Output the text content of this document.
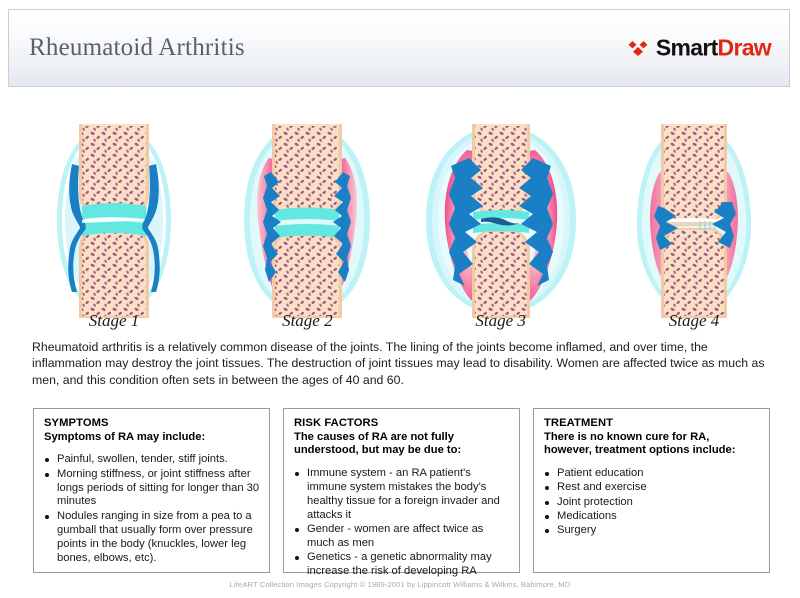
Rheumatoid Arthritis	SmartDraw
Stage 1	Stage 2	Stage 3	Stage 4
Rheumatoid arthritis is a relatively common disease of the joints. The lining of the joints become inflamed, and over time, the inflammation may destroy the joint tissues. The destruction of joint tissues may lead to disability. Women are affected twice as much as men, and this condition often sets in between the ages of 40 and 60.
SYMPTOMS
Symptoms of RA may include:
Painful, swollen, tender, stiff joints.
Morning stiffness, or joint stiffness after longs periods of sitting for longer than 30 minutes
Nodules ranging in size from a pea to a gumball that usually form over pressure points in the body (knuckles, lower leg bones, elbows, etc).
RISK FACTORS
The causes of RA are not fully understood, but may be due to:
Immune system - an RA patient's immune system mistakes the body's healthy tissue for a foreign invader and attacks it
Gender - women are affect twice as much as men
Genetics - a genetic abnormality may increase the risk of developing RA
TREATMENT
There is no known cure for RA, however, treatment options include:
Patient education
Rest and exercise
Joint protection
Medications
Surgery
LifeART Collection Images Copyright © 1989-2001 by Lippincott Williams & Wilkins, Baltimore, MD
